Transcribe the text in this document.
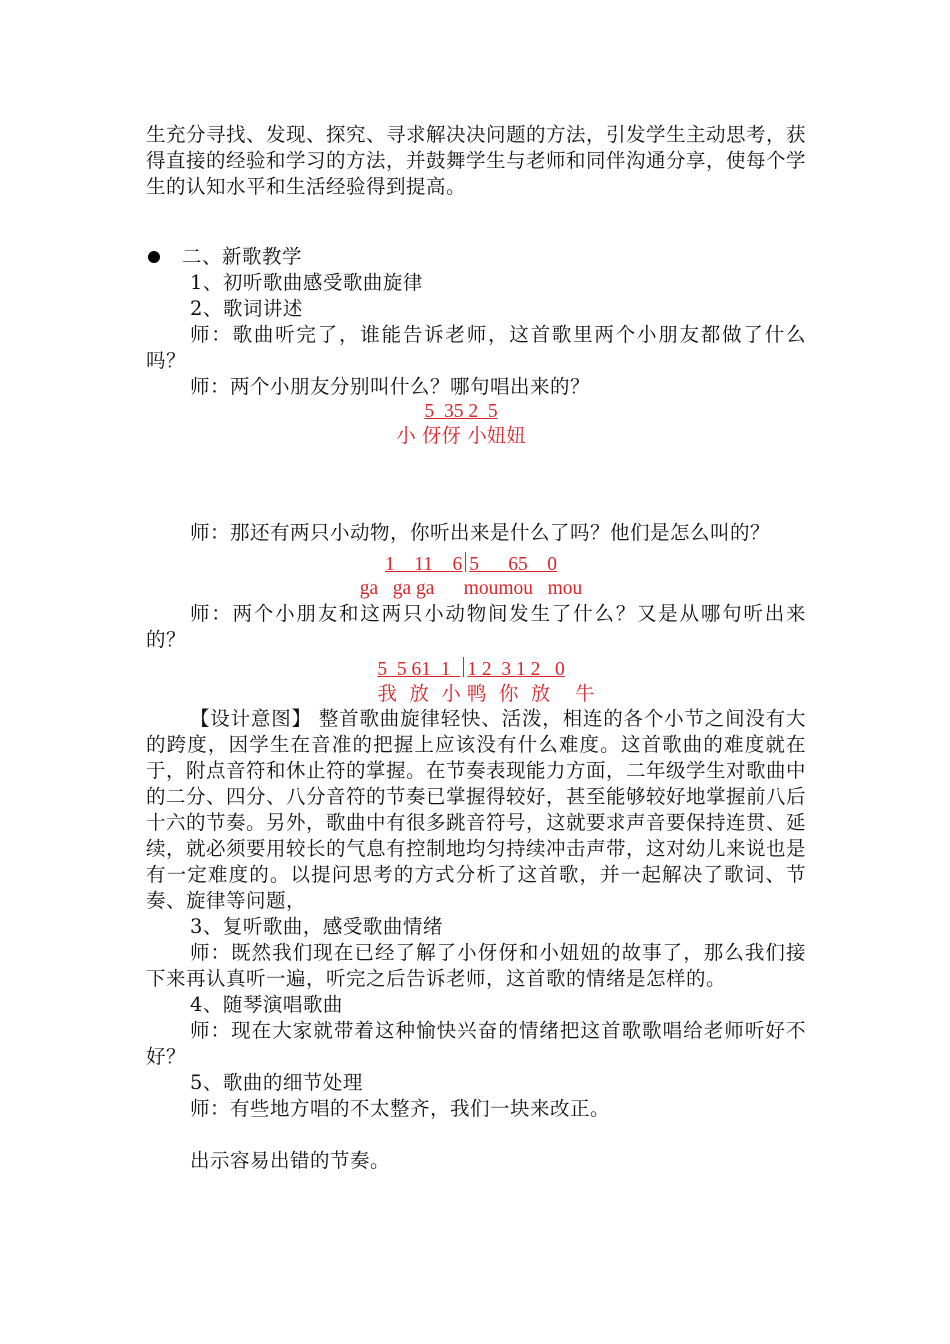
生充分寻找、发现、探究、寻求解决决问题的方法，引发学生主动思考，获得直接的经验和学习的方法，并鼓舞学生与老师和同伴沟通分享，使每个学生的认知水平和生活经验得到提高。

二、新歌教学

1、初听歌曲感受歌曲旋律

2、歌词讲述

师：歌曲听完了，谁能告诉老师，这首歌里两个小朋友都做了什么吗？

师：两个小朋友分别叫什么？哪句唱出来的？

5  35 2  5

小 伢伢 小妞妞

师：那还有两只小动物，你听出来是什么了吗？他们是怎么叫的？

1    11    6 5      65    0

ga   ga ga      moumou   mou

师：两个小朋友和这两只小动物间发生了什么？又是从哪句听出来的？

5  5 61  1  1 2  3 1 2   0

我  放  小 鸭  你  放    牛

【设计意图】 整首歌曲旋律轻快、活泼，相连的各个小节之间没有大的跨度，因学生在音准的把握上应该没有什么难度。这首歌曲的难度就在于，附点音符和休止符的掌握。在节奏表现能力方面，二年级学生对歌曲中的二分、四分、八分音符的节奏已掌握得较好，甚至能够较好地掌握前八后十六的节奏。另外，歌曲中有很多跳音符号，这就要求声音要保持连贯、延续，就必须要用较长的气息有控制地均匀持续冲击声带，这对幼儿来说也是有一定难度的。以提问思考的方式分析了这首歌，并一起解决了歌词、节奏、旋律等问题，

3、复听歌曲，感受歌曲情绪

师：既然我们现在已经了解了小伢伢和小妞妞的故事了，那么我们接下来再认真听一遍，听完之后告诉老师，这首歌的情绪是怎样的。

4、随琴演唱歌曲

师：现在大家就带着这种愉快兴奋的情绪把这首歌歌唱给老师听好不好？

5、歌曲的细节处理

师：有些地方唱的不太整齐，我们一块来改正。

出示容易出错的节奏。
